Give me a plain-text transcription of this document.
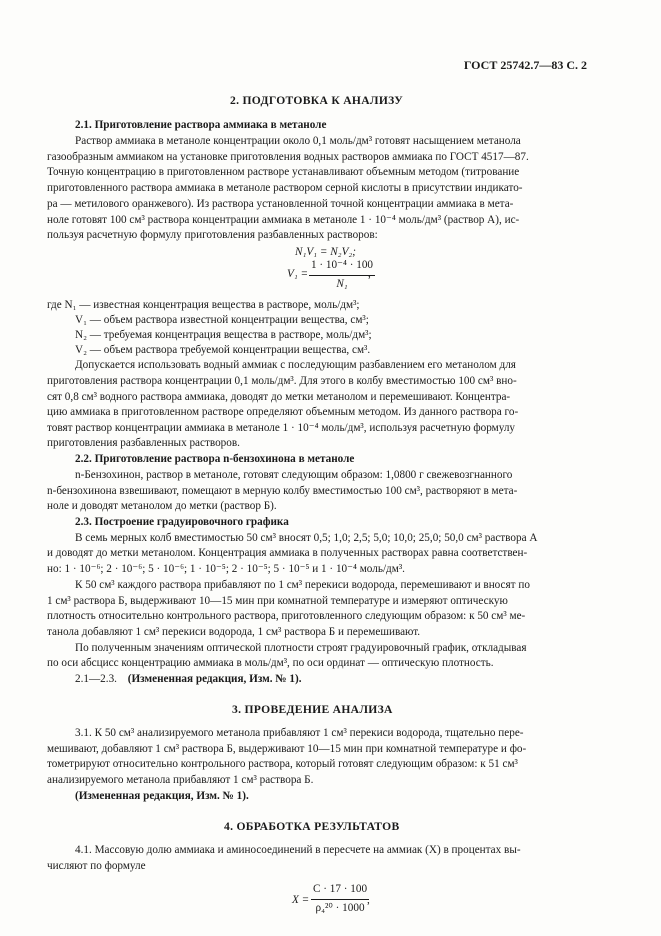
ГОСТ 25742.7—83 С. 2
2. ПОДГОТОВКА К АНАЛИЗУ
2.1. Приготовление раствора аммиака в метаноле
Раствор аммиака в метаноле концентрации около 0,1 моль/дм³ готовят насыщением метанола
газообразным аммиаком на установке приготовления водных растворов аммиака по ГОСТ 4517—87.
Точную концентрацию в приготовленном растворе устанавливают объемным методом (титрование
приготовленного раствора аммиака в метаноле раствором серной кислоты в присутствии индикато-
ра — метилового оранжевого). Из раствора установленной точной концентрации аммиака в мета-
ноле готовят 100 см³ раствора концентрации аммиака в метаноле 1 · 10⁻⁴ моль/дм³ (раствор А), ис-
пользуя расчетную формулу приготовления разбавленных растворов:
N₁V₁ = N₂V₂;
$V_1 = \frac{\text{1 · 10⁻⁴ · 100}}{\text{N₁}}$
,
где N₁ — известная концентрация вещества в растворе, моль/дм³;
V₁ — объем раствора известной концентрации вещества, см³;
N₂ — требуемая концентрация вещества в растворе, моль/дм³;
V₂ — объем раствора требуемой концентрации вещества, см³.
Допускается использовать водный аммиак с последующим разбавлением его метанолом для
приготовления раствора концентрации 0,1 моль/дм³. Для этого в колбу вместимостью 100 см³ вно-
сят 0,8 см³ водного раствора аммиака, доводят до метки метанолом и перемешивают. Концентра-
цию аммиака в приготовленном растворе определяют объемным методом. Из данного раствора го-
товят раствор концентрации аммиака в метаноле 1 · 10⁻⁴ моль/дм³, используя расчетную формулу
приготовления разбавленных растворов.
2.2. Приготовление раствора n-бензохинона в метаноле
n-Бензохинон, раствор в метаноле, готовят следующим образом: 1,0800 г свежевозгнанного
n-бензохинона взвешивают, помещают в мерную колбу вместимостью 100 см³, растворяют в мета-
ноле и доводят метанолом до метки (раствор Б).
2.3. Построение градуировочного графика
В семь мерных колб вместимостью 50 см³ вносят 0,5; 1,0; 2,5; 5,0; 10,0; 25,0; 50,0 см³ раствора А
и доводят до метки метанолом. Концентрация аммиака в полученных растворах равна соответствен-
но: 1 · 10⁻⁶; 2 · 10⁻⁶; 5 · 10⁻⁶; 1 · 10⁻⁵; 2 · 10⁻⁵; 5 · 10⁻⁵ и 1 · 10⁻⁴ моль/дм³.
К 50 см³ каждого раствора прибавляют по 1 см³ перекиси водорода, перемешивают и вносят по
1 см³ раствора Б, выдерживают 10—15 мин при комнатной температуре и измеряют оптическую
плотность относительно контрольного раствора, приготовленного следующим образом: к 50 см³ ме-
танола добавляют 1 см³ перекиси водорода, 1 см³ раствора Б и перемешивают.
По полученным значениям оптической плотности строят градуировочный график, откладывая
по оси абсцисс концентрацию аммиака в моль/дм³, по оси ординат — оптическую плотность.
2.1—2.3. (Измененная редакция, Изм. № 1).
3. ПРОВЕДЕНИЕ АНАЛИЗА
3.1. К 50 см³ анализируемого метанола прибавляют 1 см³ перекиси водорода, тщательно пере-
мешивают, добавляют 1 см³ раствора Б, выдерживают 10—15 мин при комнатной температуре и фо-
тометрируют относительно контрольного раствора, который готовят следующим образом: к 51 см³
анализируемого метанола прибавляют 1 см³ раствора Б.
(Измененная редакция, Изм. № 1).
4. ОБРАБОТКА РЕЗУЛЬТАТОВ
4.1. Массовую долю аммиака и аминосоединений в пересчете на аммиак (X) в процентах вы-
числяют по формуле
$X = \frac{C \cdot 17 \cdot 100}{\text{ρ₄²⁰ · 1000}}$
,
